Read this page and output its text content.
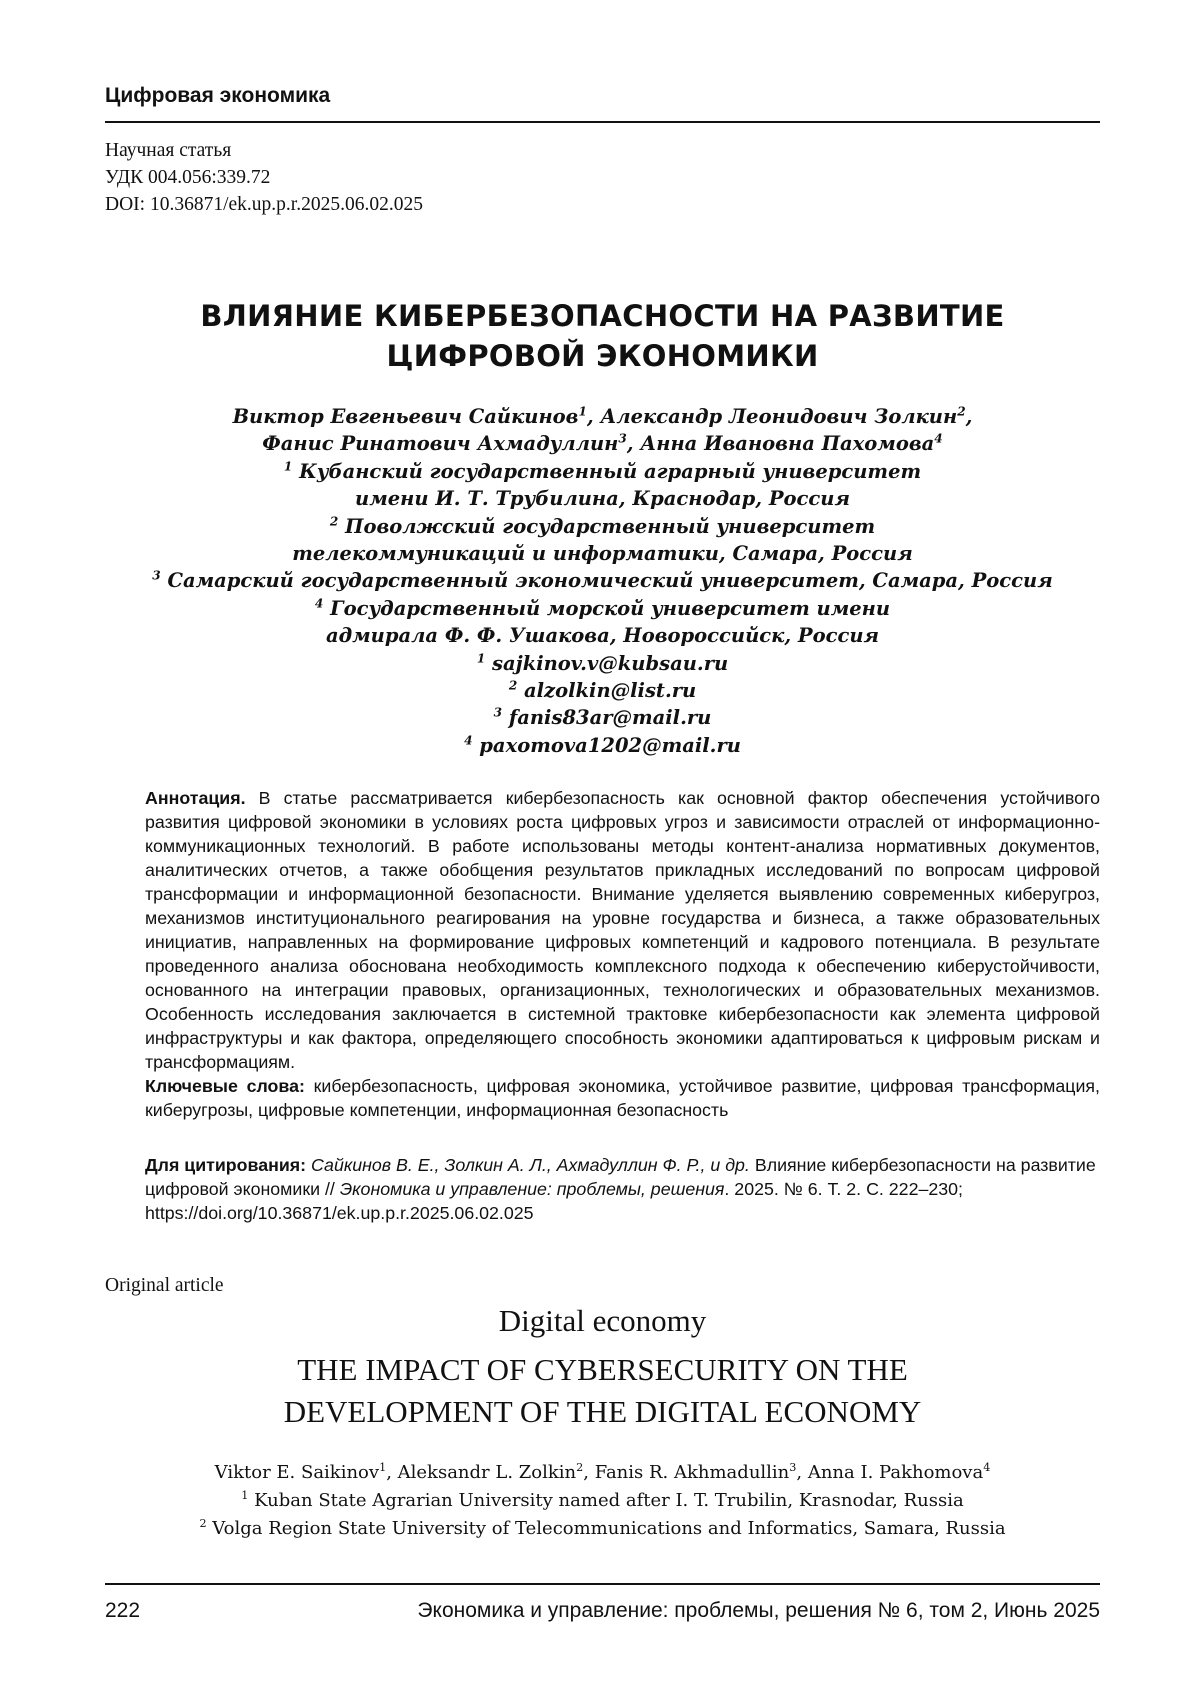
Цифровая экономика
Научная статья
УДК 004.056:339.72
DOI: 10.36871/ek.up.p.r.2025.06.02.025
ВЛИЯНИЕ КИБЕРБЕЗОПАСНОСТИ НА РАЗВИТИЕ
ЦИФРОВОЙ ЭКОНОМИКИ
Виктор Евгеньевич Сайкинов1, Александр Леонидович Золкин2,
Фанис Ринатович Ахмадуллин3, Анна Ивановна Пахомова4
1 Кубанский государственный аграрный университет
имени И. Т. Трубилина, Краснодар, Россия
2 Поволжский государственный университет
телекоммуникаций и информатики, Самара, Россия
3 Самарский государственный экономический университет, Самара, Россия
4 Государственный морской университет имени
адмирала Ф. Ф. Ушакова, Новороссийск, Россия
1 sajkinov.v@kubsau.ru
2 alzolkin@list.ru
3 fanis83ar@mail.ru
4 paxomova1202@mail.ru

Аннотация. В статье рассматривается кибербезопасность как основной фактор обеспечения устойчивого развития цифровой экономики в условиях роста цифровых угроз и зависимости отраслей от информационно-коммуникационных технологий. В работе использованы методы контент-анализа нормативных документов, аналитических отчетов, а также обобщения результатов прикладных исследований по вопросам цифровой трансформации и информационной безопасности. Внимание уделяется выявлению современных киберугроз, механизмов институционального реагирования на уровне государства и бизнеса, а также образовательных инициатив, направленных на формирование цифровых компетенций и кадрового потенциала. В результате проведенного анализа обоснована необходимость комплексного подхода к обеспечению киберустойчивости, основанного на интеграции правовых, организационных, технологических и образовательных механизмов. Особенность исследования заключается в системной трактовке кибербезопасности как элемента цифровой инфраструктуры и как фактора, определяющего способность экономики адаптироваться к цифровым рискам и трансформациям.

Ключевые слова: кибербезопасность, цифровая экономика, устойчивое развитие, цифровая трансформация, киберугрозы, цифровые компетенции, информационная безопасность

Для цитирования: Сайкинов В. Е., Золкин А. Л., Ахмадуллин Ф. Р., и др. Влияние кибербезопасности на развитие цифровой экономики // Экономика и управление: проблемы, решения. 2025. № 6. Т. 2. С. 222–230; https://doi.org/10.36871/ek.up.p.r.2025.06.02.025
Original article
Digital economy
THE IMPACT OF CYBERSECURITY ON THE
DEVELOPMENT OF THE DIGITAL ECONOMY
Viktor E. Saikinov1, Aleksandr L. Zolkin2, Fanis R. Akhmadullin3, Anna I. Pakhomova4
1 Kuban State Agrarian University named after I. T. Trubilin, Krasnodar, Russia
2 Volga Region State University of Telecommunications and Informatics, Samara, Russia
222	Экономика и управление: проблемы, решения № 6, том 2, Июнь 2025
